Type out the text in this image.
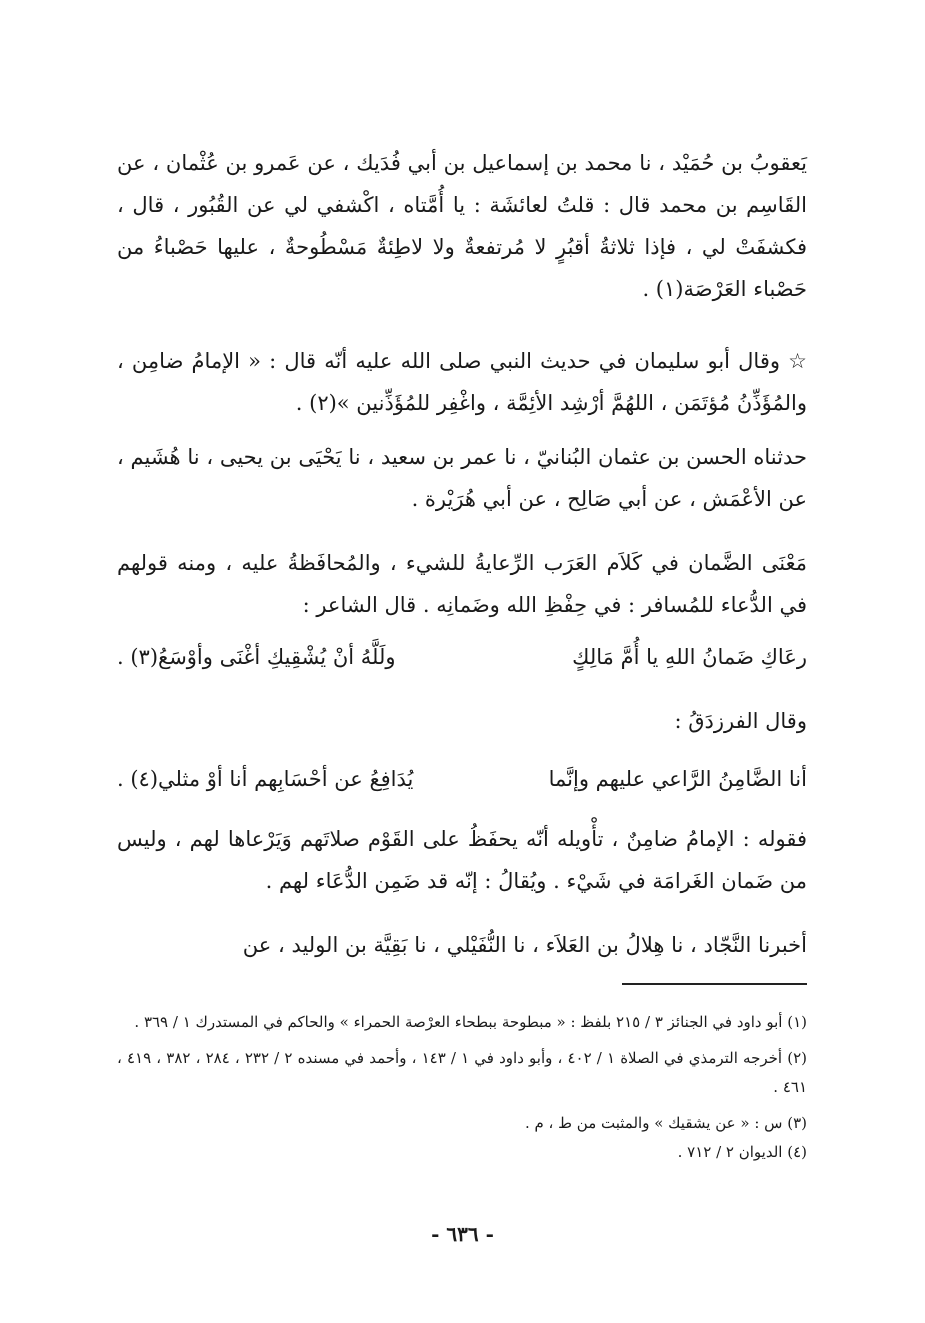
يَعقوبُ بن حُمَيْد ، نا محمد بن إسماعيل بن أبي فُدَيك ، عن عَمرو بن عُثْمان ، عن القَاسِم بن محمد قال : قلتُ لعائشَة : يا أُمَّتاه ، اكْشفي لي عن القُبُور ، قال ، فكشفَتْ لي ، فإذا ثلاثةُ أقبُرٍ لا مُرتفعةٌ ولا لاطِئةٌ مَسْطُوحةٌ ، عليها حَصْباءُ من حَصْباء العَرْصَة(١) .

☆ وقال أبو سليمان في حديث النبي صلى الله عليه أنّه قال : « الإمامُ ضامِن ، والمُؤَذِّنُ مُؤتَمَن ، اللهُمَّ أرْشِد الأئِمَّة ، واغْفِر للمُؤَذِّنين »(٢) .

حدثناه الحسن بن عثمان البُنانيّ ، نا عمر بن سعيد ، نا يَحْيَى بن يحيى ، نا هُشَيم ، عن الأعْمَش ، عن أبي صَالِح ، عن أبي هُرَيْرة .

مَعْنَى الضَّمان في كَلاَم العَرَب الرِّعايةُ للشيء ، والمُحافَظةُ عليه ، ومنه قولهم في الدُّعاء للمُسافر : في حِفْظِ الله وضَمانِه . قال الشاعر :

رعَاكِ ضَمانُ اللهِ يا أُمَّ مَالِكٍ
ولَلَّهُ أنْ يُشْقِيكِ أغْنَى وأوْسَعُ(٣) .

وقال الفرزدَقُ :

أنا الضَّامِنُ الرَّاعي عليهم وإنَّما
يُدَافِعُ عن أحْسَابِهم أنا أوْ مثلي(٤) .

فقوله : الإمامُ ضامِنٌ ، تأْويله أنّه يحفَظُ على القَوْم صلاتَهم وَيَرْعاها لهم ، وليس من ضَمان الغَرامَة في شَيْء . ويُقالُ : إنّه قد ضَمِن الدُّعَاء لهم .

أخبرنا النَّجّاد ، نا هِلالُ بن العَلاَء ، نا النُّفَيْلي ، نا بَقِيَّة بن الوليد ، عن

(١) أبو داود في الجنائز ٣ / ٢١٥ بلفظ : « مبطوحة ببطحاء العرْصة الحمراء » والحاكم في المستدرك ١ / ٣٦٩ .

(٢) أخرجه الترمذي في الصلاة ١ / ٤٠٢ ، وأبو داود في ١ / ١٤٣ ، وأحمد في مسنده ٢ / ٢٣٢ ، ٢٨٤ ، ٣٨٢ ، ٤١٩ ، ٤٦١ .

(٣) س : « عن يشقيك » والمثبت من ط ، م .

(٤) الديوان ٢ / ٧١٢ .

- ٦٣٦ -
